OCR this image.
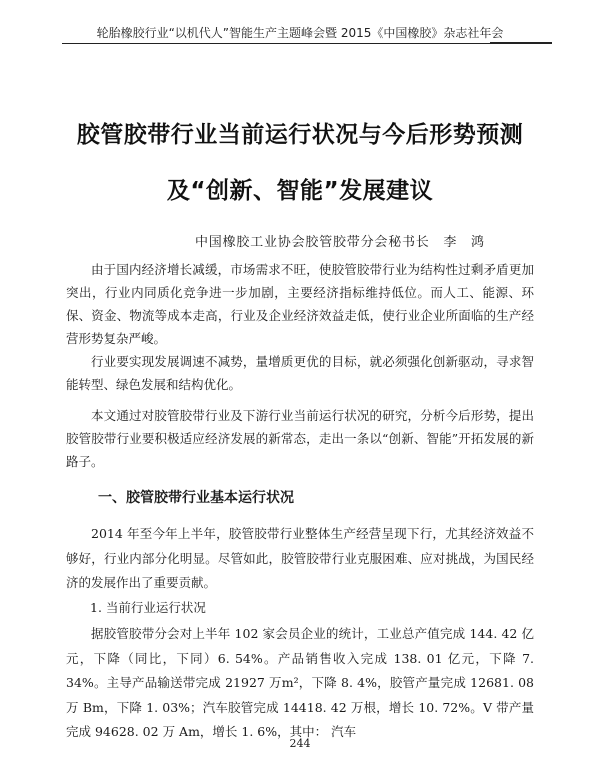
轮胎橡胶行业“以机代人”智能生产主题峰会暨 2015《中国橡胶》杂志社年会
胶管胶带行业当前运行状况与今后形势预测
及“创新、智能”发展建议
中国橡胶工业协会胶管胶带分会秘书长　李　鸿

由于国内经济增长减缓，市场需求不旺，使胶管胶带行业为结构性过剩矛盾更加突出，行业内同质化竞争进一步加剧，主要经济指标维持低位。而人工、能源、环保、资金、物流等成本走高，行业及企业经济效益走低，使行业企业所面临的生产经营形势复杂严峻。

行业要实现发展调速不减势，量增质更优的目标，就必须强化创新驱动，寻求智能转型、绿色发展和结构优化。

本文通过对胶管胶带行业及下游行业当前运行状况的研究，分析今后形势，提出胶管胶带行业要积极适应经济发展的新常态，走出一条以“创新、智能”开拓发展的新路子。

一、胶管胶带行业基本运行状况

2014 年至今年上半年，胶管胶带行业整体生产经营呈现下行，尤其经济效益不够好，行业内部分化明显。尽管如此，胶管胶带行业克服困难、应对挑战，为国民经济的发展作出了重要贡献。

1. 当前行业运行状况

据胶管胶带分会对上半年 102 家会员企业的统计，工业总产值完成 144. 42 亿元，下降（同比，下同）6. 54%。产品销售收入完成 138. 01 亿元，下降 7. 34%。主导产品输送带完成 21927 万m²，下降 8. 4%，胶管产量完成 12681. 08 万 Bm，下降 1. 03%；汽车胶管完成 14418. 42 万根，增长 10. 72%。V 带产量完成 94628. 02 万 Am，增长 1. 6%，其中： 汽车

244
